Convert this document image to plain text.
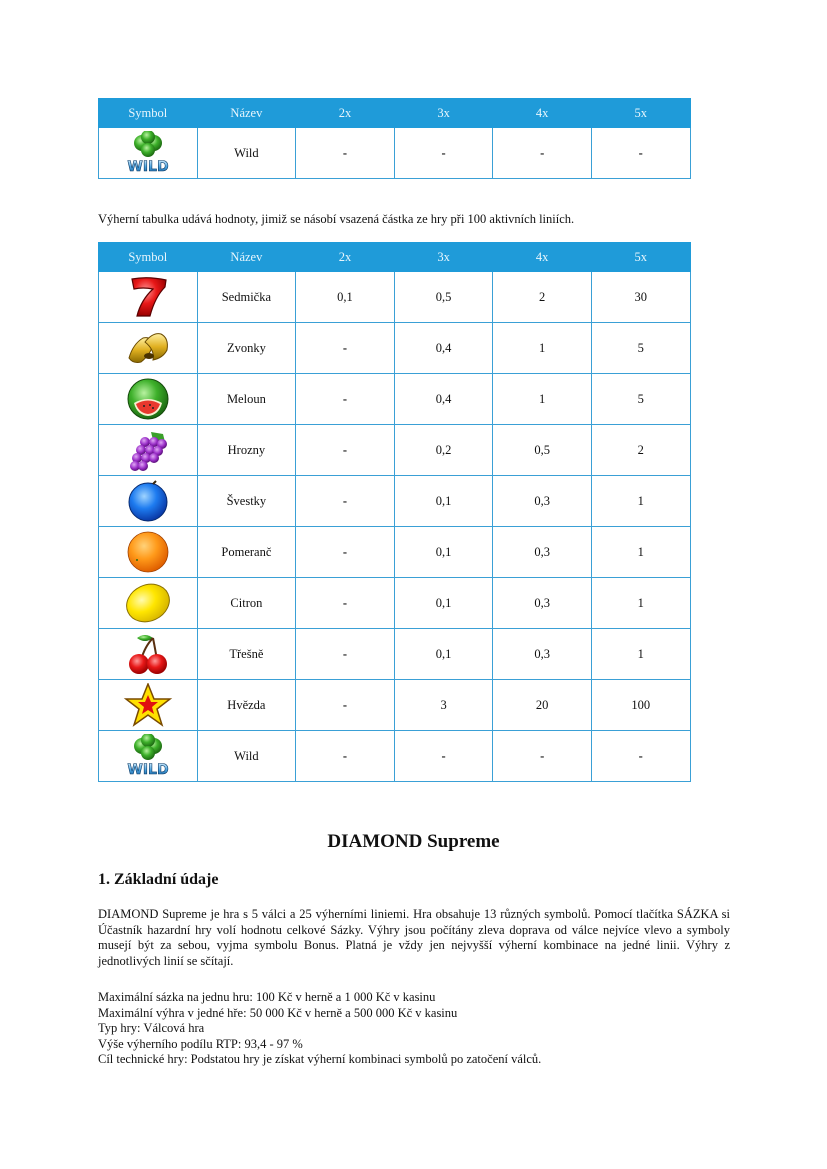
Symbol	Název	2x	3x	4x	5x

WILD	Wild	-	-	-	-
Výherní tabulka udává hodnoty, jimiž se násobí vsazená částka ze hry při 100 aktivních liniích.
Symbol	Název	2x	3x	4x	5x
	Sedmička	0,1	0,5	2	30
	Zvonky	-	0,4	1	5
	Meloun	-	0,4	1	5
	Hrozny	-	0,2	0,5	2
	Švestky	-	0,1	0,3	1
	Pomeranč	-	0,1	0,3	1
	Citron	-	0,1	0,3	1
	Třešně	-	0,1	0,3	1
	Hvězda	-	3	20	100

WILD	Wild	-	-	-	-
DIAMOND Supreme
1. Základní údaje
DIAMOND Supreme je hra s 5 válci a 25 výherními liniemi. Hra obsahuje 13 různých symbolů. Pomocí tlačítka SÁZKA si Účastník hazardní hry volí hodnotu celkové Sázky. Výhry jsou počítány zleva doprava od válce nejvíce vlevo a symboly musejí být za sebou, vyjma symbolu Bonus. Platná je vždy jen nejvyšší výherní kombinace na jedné linii. Výhry z jednotlivých linií se sčítají.
Maximální sázka na jednu hru: 100 Kč v herně a 1 000 Kč v kasinu
Maximální výhra v jedné hře: 50 000 Kč v herně a 500 000 Kč v kasinu
Typ hry: Válcová hra
Výše výherního podílu RTP: 93,4 - 97 %
Cíl technické hry: Podstatou hry je získat výherní kombinaci symbolů po zatočení válců.
